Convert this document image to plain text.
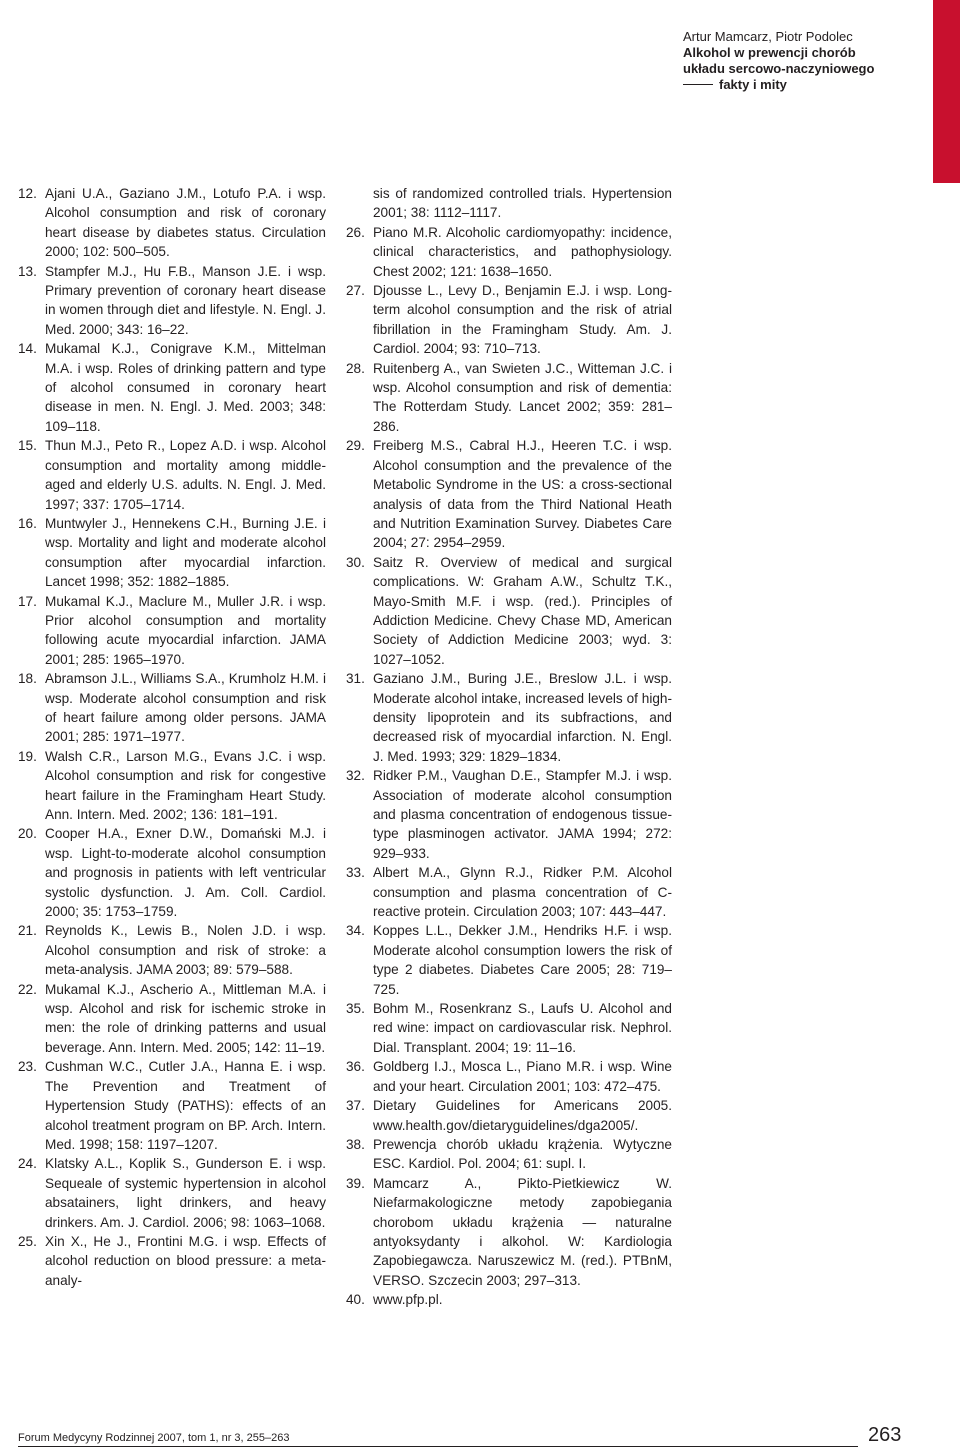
Artur Mamcarz, Piotr Podolec
Alkohol w prewencji chorób
układu sercowo-naczyniowego
fakty i mity

12. Ajani U.A., Gaziano J.M., Lotufo P.A. i wsp. Alcohol consumption and risk of coronary heart disease by diabetes status. Circulation 2000; 102: 500–505.

13. Stampfer M.J., Hu F.B., Manson J.E. i wsp. Primary prevention of coronary heart disease in women through diet and lifestyle. N. Engl. J. Med. 2000; 343: 16–22.

14. Mukamal K.J., Conigrave K.M., Mittelman M.A. i wsp. Roles of drinking pattern and type of alcohol consumed in coronary heart disease in men. N. Engl. J. Med. 2003; 348: 109–118.

15. Thun M.J., Peto R., Lopez A.D. i wsp. Alcohol consumption and mortality among middle-aged and elderly U.S. adults. N. Engl. J. Med. 1997; 337: 1705–1714.

16. Muntwyler J., Hennekens C.H., Burning J.E. i wsp. Mortality and light and moderate alcohol consumption after myocardial infarction. Lancet 1998; 352: 1882–1885.

17. Mukamal K.J., Maclure M., Muller J.R. i wsp. Prior alcohol consumption and mortality following acute myocardial infarction. JAMA 2001; 285: 1965–1970.

18. Abramson J.L., Williams S.A., Krumholz H.M. i wsp. Moderate alcohol consumption and risk of heart failure among older persons. JAMA 2001; 285: 1971–1977.

19. Walsh C.R., Larson M.G., Evans J.C. i wsp. Alcohol consumption and risk for congestive heart failure in the Framingham Heart Study. Ann. Intern. Med. 2002; 136: 181–191.

20. Cooper H.A., Exner D.W., Domański M.J. i wsp. Light-to-moderate alcohol consumption and prognosis in patients with left ventricular systolic dysfunction. J. Am. Coll. Cardiol. 2000; 35: 1753–1759.

21. Reynolds K., Lewis B., Nolen J.D. i wsp. Alcohol consumption and risk of stroke: a meta-analysis. JAMA 2003; 89: 579–588.

22. Mukamal K.J., Ascherio A., Mittleman M.A. i wsp. Alcohol and risk for ischemic stroke in men: the role of drinking patterns and usual beverage. Ann. Intern. Med. 2005; 142: 11–19.

23. Cushman W.C., Cutler J.A., Hanna E. i wsp. The Prevention and Treatment of Hypertension Study (PATHS): effects of an alcohol treatment program on BP. Arch. Intern. Med. 1998; 158: 1197–1207.

24. Klatsky A.L., Koplik S., Gunderson E. i wsp. Sequeale of systemic hypertension in alcohol absatainers, light drinkers, and heavy drinkers. Am. J. Cardiol. 2006; 98: 1063–1068.

25. Xin X., He J., Frontini M.G. i wsp. Effects of alcohol reduction on blood pressure: a meta-analy-

sis of randomized controlled trials. Hypertension 2001; 38: 1112–1117.

26. Piano M.R. Alcoholic cardiomyopathy: incidence, clinical characteristics, and pathophysiology. Chest 2002; 121: 1638–1650.

27. Djousse L., Levy D., Benjamin E.J. i wsp. Long-term alcohol consumption and the risk of atrial fibrillation in the Framingham Study. Am. J. Cardiol. 2004; 93: 710–713.

28. Ruitenberg A., van Swieten J.C., Witteman J.C. i wsp. Alcohol consumption and risk of dementia: The Rotterdam Study. Lancet 2002; 359: 281–286.

29. Freiberg M.S., Cabral H.J., Heeren T.C. i wsp. Alcohol consumption and the prevalence of the Metabolic Syndrome in the US: a cross-sectional analysis of data from the Third National Heath and Nutrition Examination Survey. Diabetes Care 2004; 27: 2954–2959.

30. Saitz R. Overview of medical and surgical complications. W: Graham A.W., Schultz T.K., Mayo-Smith M.F. i wsp. (red.). Principles of Addiction Medicine. Chevy Chase MD, American Society of Addiction Medicine 2003; wyd. 3: 1027–1052.

31. Gaziano J.M., Buring J.E., Breslow J.L. i wsp. Moderate alcohol intake, increased levels of high-density lipoprotein and its subfractions, and decreased risk of myocardial infarction. N. Engl. J. Med. 1993; 329: 1829–1834.

32. Ridker P.M., Vaughan D.E., Stampfer M.J. i wsp. Association of moderate alcohol consumption and plasma concentration of endogenous tissue-type plasminogen activator. JAMA 1994; 272: 929–933.

33. Albert M.A., Glynn R.J., Ridker P.M. Alcohol consumption and plasma concentration of C-reactive protein. Circulation 2003; 107: 443–447.

34. Koppes L.L., Dekker J.M., Hendriks H.F. i wsp. Moderate alcohol consumption lowers the risk of type 2 diabetes. Diabetes Care 2005; 28: 719–725.

35. Bohm M., Rosenkranz S., Laufs U. Alcohol and red wine: impact on cardiovascular risk. Nephrol. Dial. Transplant. 2004; 19: 11–16.

36. Goldberg I.J., Mosca L., Piano M.R. i wsp. Wine and your heart. Circulation 2001; 103: 472–475.

37. Dietary Guidelines for Americans 2005. www.health.gov/dietaryguidelines/dga2005/.

38. Prewencja chorób układu krążenia. Wytyczne ESC. Kardiol. Pol. 2004; 61: supl. I.

39. Mamcarz A., Pikto-Pietkiewicz W. Niefarmakologiczne metody zapobiegania chorobom układu krążenia — naturalne antyoksydanty i alkohol. W: Kardiologia Zapobiegawcza. Naruszewicz M. (red.). PTBnM, VERSO. Szczecin 2003; 297–313.

40. www.pfp.pl.

Forum Medycyny Rodzinnej 2007, tom 1, nr 3, 255–263	263
